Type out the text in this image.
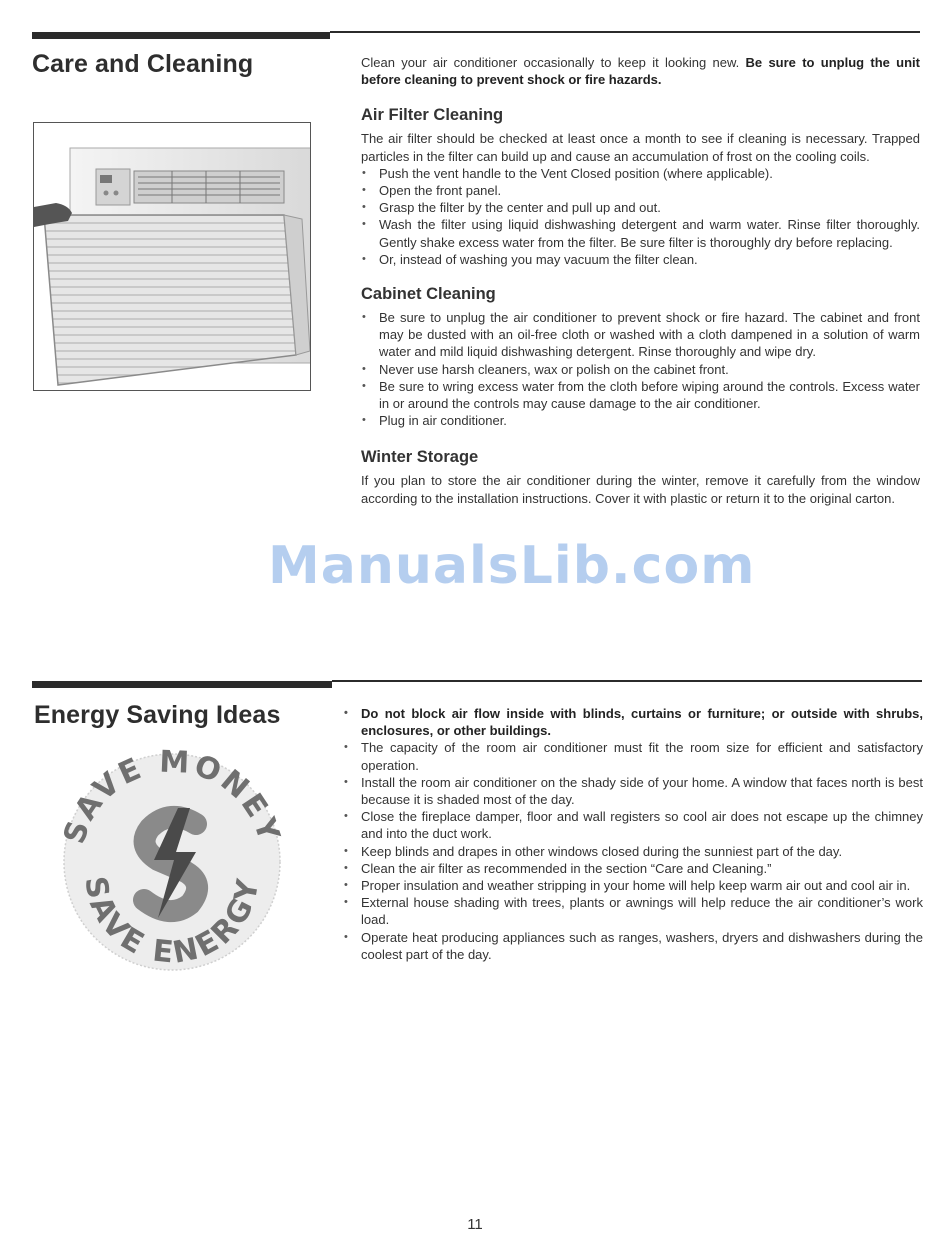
Care and Cleaning	Clean your air conditioner occasionally to keep it looking new. Be sure to unplug the unit before cleaning to prevent shock or fire hazards.

Air Filter Cleaning

The air filter should be checked at least once a month to see if cleaning is necessary. Trapped particles in the filter can build up and cause an accumulation of frost on the cooling coils.

• Push the vent handle to the Vent Closed position (where applicable).
• Open the front panel.
• Grasp the filter by the center and pull up and out.
• Wash the filter using liquid dishwashing detergent and warm water. Rinse filter thoroughly. Gently shake excess water from the filter. Be sure filter is thoroughly dry before replacing.
• Or, instead of washing you may vacuum the filter clean.
Cabinet Cleaning
• Be sure to unplug the air conditioner to prevent shock or fire hazard. The cabinet and front may be dusted with an oil-free cloth or washed with a cloth dampened in a solution of warm water and mild liquid dishwashing detergent. Rinse thoroughly and wipe dry.
• Never use harsh cleaners, wax or polish on the cabinet front.
• Be sure to wring excess water from the cloth before wiping around the controls. Excess water in or around the controls may cause damage to the air conditioner.
• Plug in air conditioner.
Winter Storage

If you plan to store the air conditioner during the winter, remove it carefully from the window according to the installation instructions. Cover it with plastic or return it to the original carton.

ManualsLib.com
Energy Saving Ideas
SAVE MONEY
SAVE ENERGY
• Do not block air flow inside with blinds, curtains or furniture; or outside with shrubs, enclosures, or other buildings.
• The capacity of the room air conditioner must fit the room size for efficient and satisfactory operation.
• Install the room air conditioner on the shady side of your home. A window that faces north is best because it is shaded most of the day.
• Close the fireplace damper, floor and wall registers so cool air does not escape up the chimney and into the duct work.
• Keep blinds and drapes in other windows closed during the sunniest part of the day.
• Clean the air filter as recommended in the section “Care and Cleaning.”
• Proper insulation and weather stripping in your home will help keep warm air out and cool air in.
• External house shading with trees, plants or awnings will help reduce the air conditioner’s work load.
• Operate heat producing appliances such as ranges, washers, dryers and dishwashers during the coolest part of the day.
11
